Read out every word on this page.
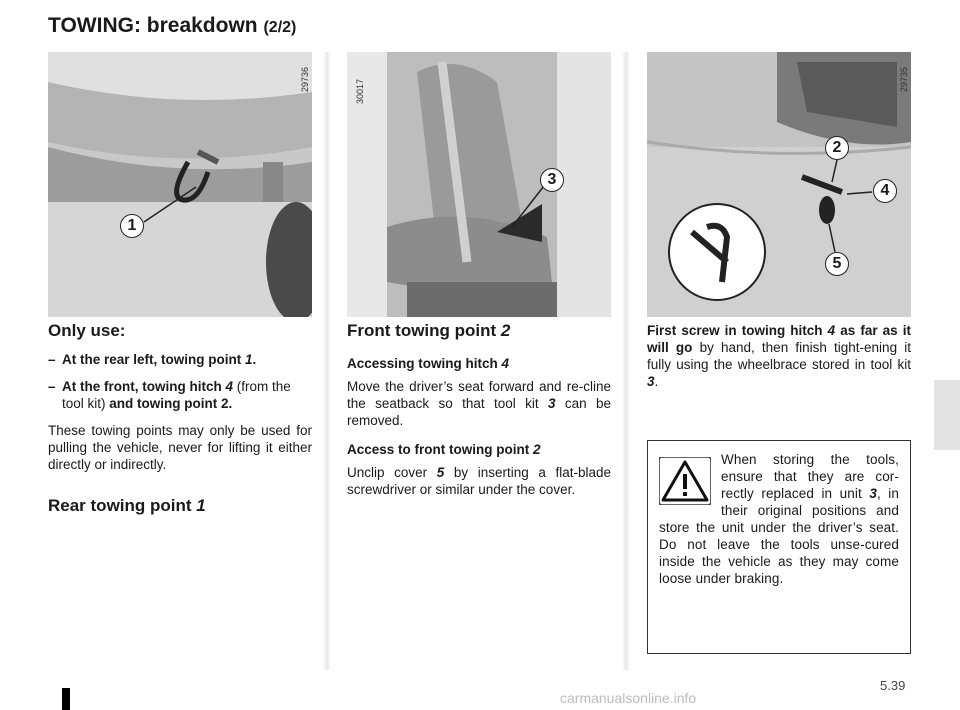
TOWING: breakdown (2/2)
29736
1
30017
3
29735
2
4
5
Only use:
– At the rear left, towing point 1.
– At the front, towing hitch 4 (from the tool kit) and towing point 2.
These towing points may only be used for pulling the vehicle, never for lifting it either directly or indirectly.
Rear towing point 1
Front towing point 2
Accessing towing hitch 4
Move the driver’s seat forward and re-cline the seatback so that tool kit 3 can be removed.
Access to front towing point 2
Unclip cover 5 by inserting a flat-blade screwdriver or similar under the cover.
First screw in towing hitch 4 as far as it will go by hand, then finish tight-ening it fully using the wheelbrace stored in tool kit 3.
When storing the tools, ensure that they are cor-rectly replaced in unit 3, in their original positions and store the unit under the driver’s seat. Do not leave the tools unse-cured inside the vehicle as they may come loose under braking.
5.39
carmanualsonline.info
